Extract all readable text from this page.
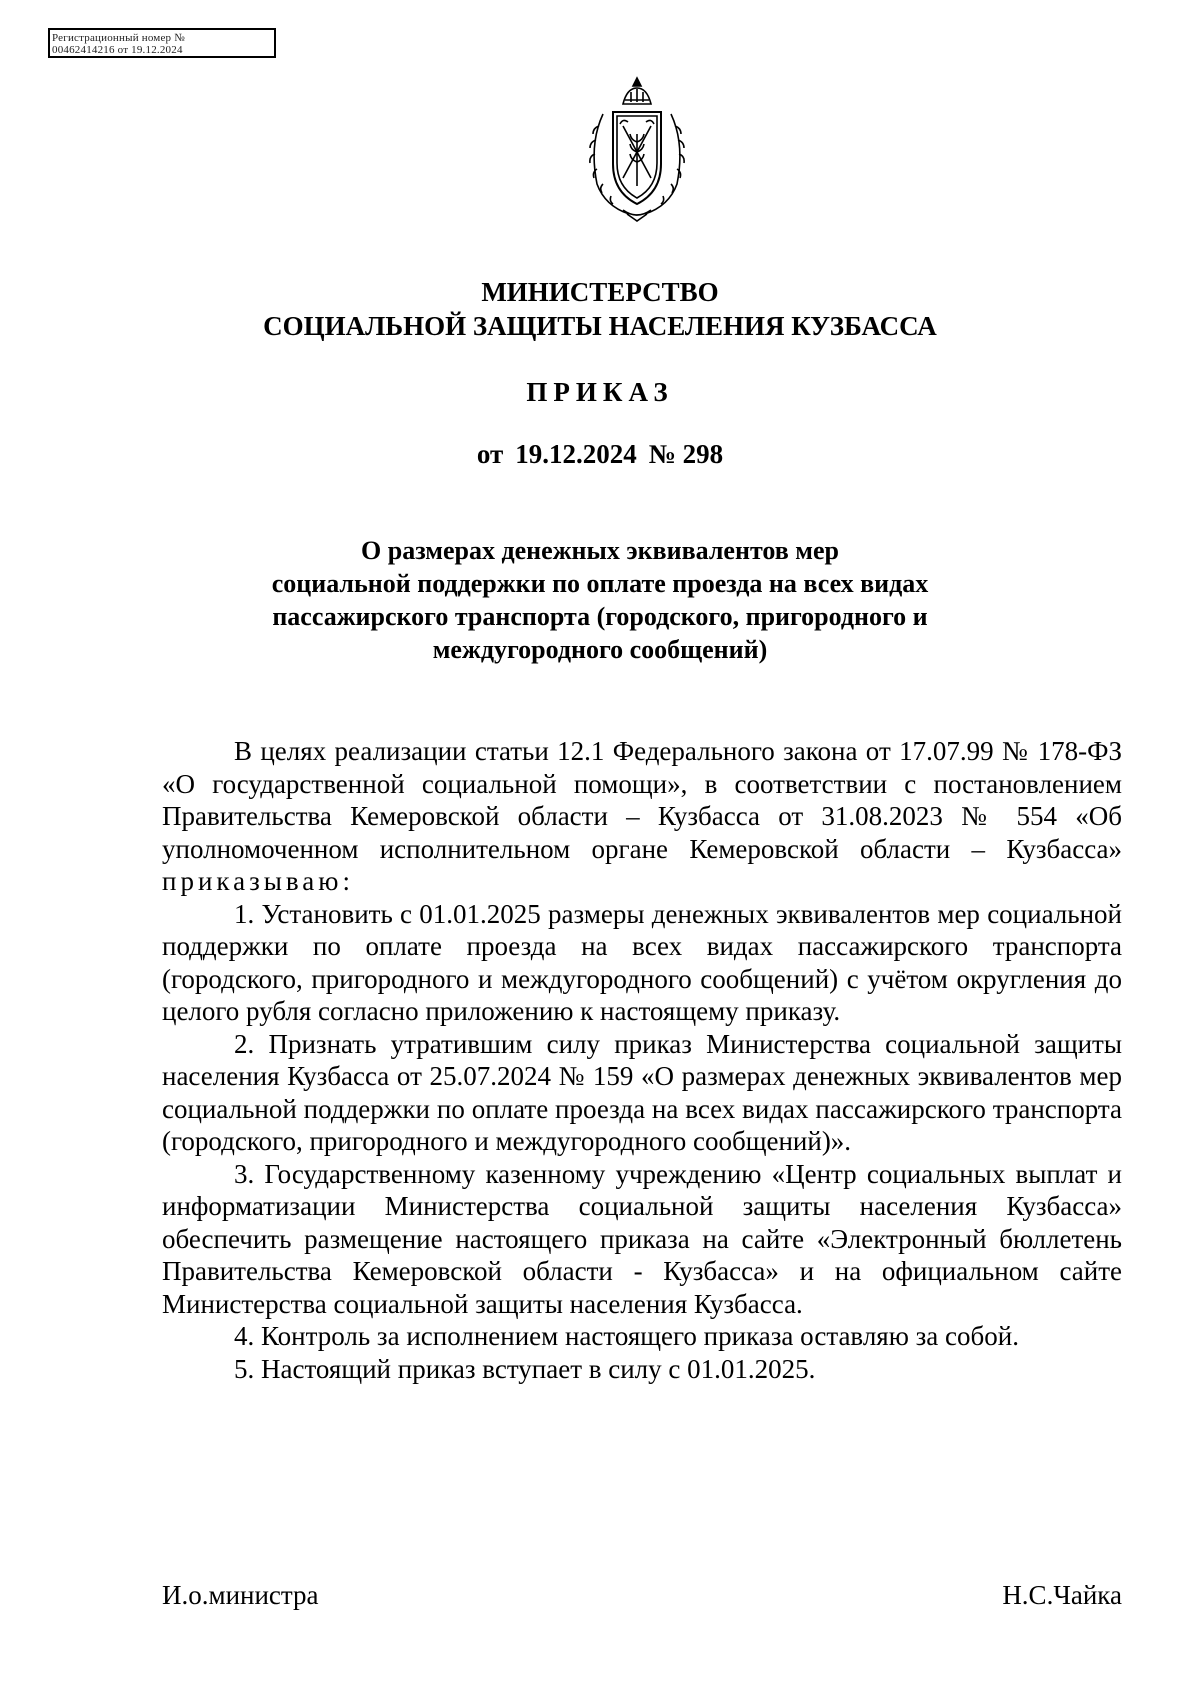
Регистрационный номер №
00462414216 от 19.12.2024
МИНИСТЕРСТВО
СОЦИАЛЬНОЙ ЗАЩИТЫ НАСЕЛЕНИЯ КУЗБАССА
ПРИКАЗ
от 19.12.2024 № 298
О размерах денежных эквивалентов мер
социальной поддержки по оплате проезда на всех видах
пассажирского транспорта (городского, пригородного и
междугородного сообщений)

В целях реализации статьи 12.1 Федерального закона от 17.07.99 № 178-ФЗ «О государственной социальной помощи», в соответствии с постановлением Правительства Кемеровской области – Кузбасса от 31.08.2023 № 554 «Об уполномоченном исполнительном органе Кемеровской области – Кузбасса» приказываю:

1. Установить с 01.01.2025 размеры денежных эквивалентов мер социальной поддержки по оплате проезда на всех видах пассажирского транспорта (городского, пригородного и междугородного сообщений) с учётом округления до целого рубля согласно приложению к настоящему приказу.

2. Признать утратившим силу приказ Министерства социальной защиты населения Кузбасса от 25.07.2024 № 159 «О размерах денежных эквивалентов мер социальной поддержки по оплате проезда на всех видах пассажирского транспорта (городского, пригородного и междугородного сообщений)».

3. Государственному казенному учреждению «Центр социальных выплат и информатизации Министерства социальной защиты населения Кузбасса» обеспечить размещение настоящего приказа на сайте «Электронный бюллетень Правительства Кемеровской области - Кузбасса» и на официальном сайте Министерства социальной защиты населения Кузбасса.

4. Контроль за исполнением настоящего приказа оставляю за собой.

5. Настоящий приказ вступает в силу с 01.01.2025.

И.о.министра	Н.С.Чайка
